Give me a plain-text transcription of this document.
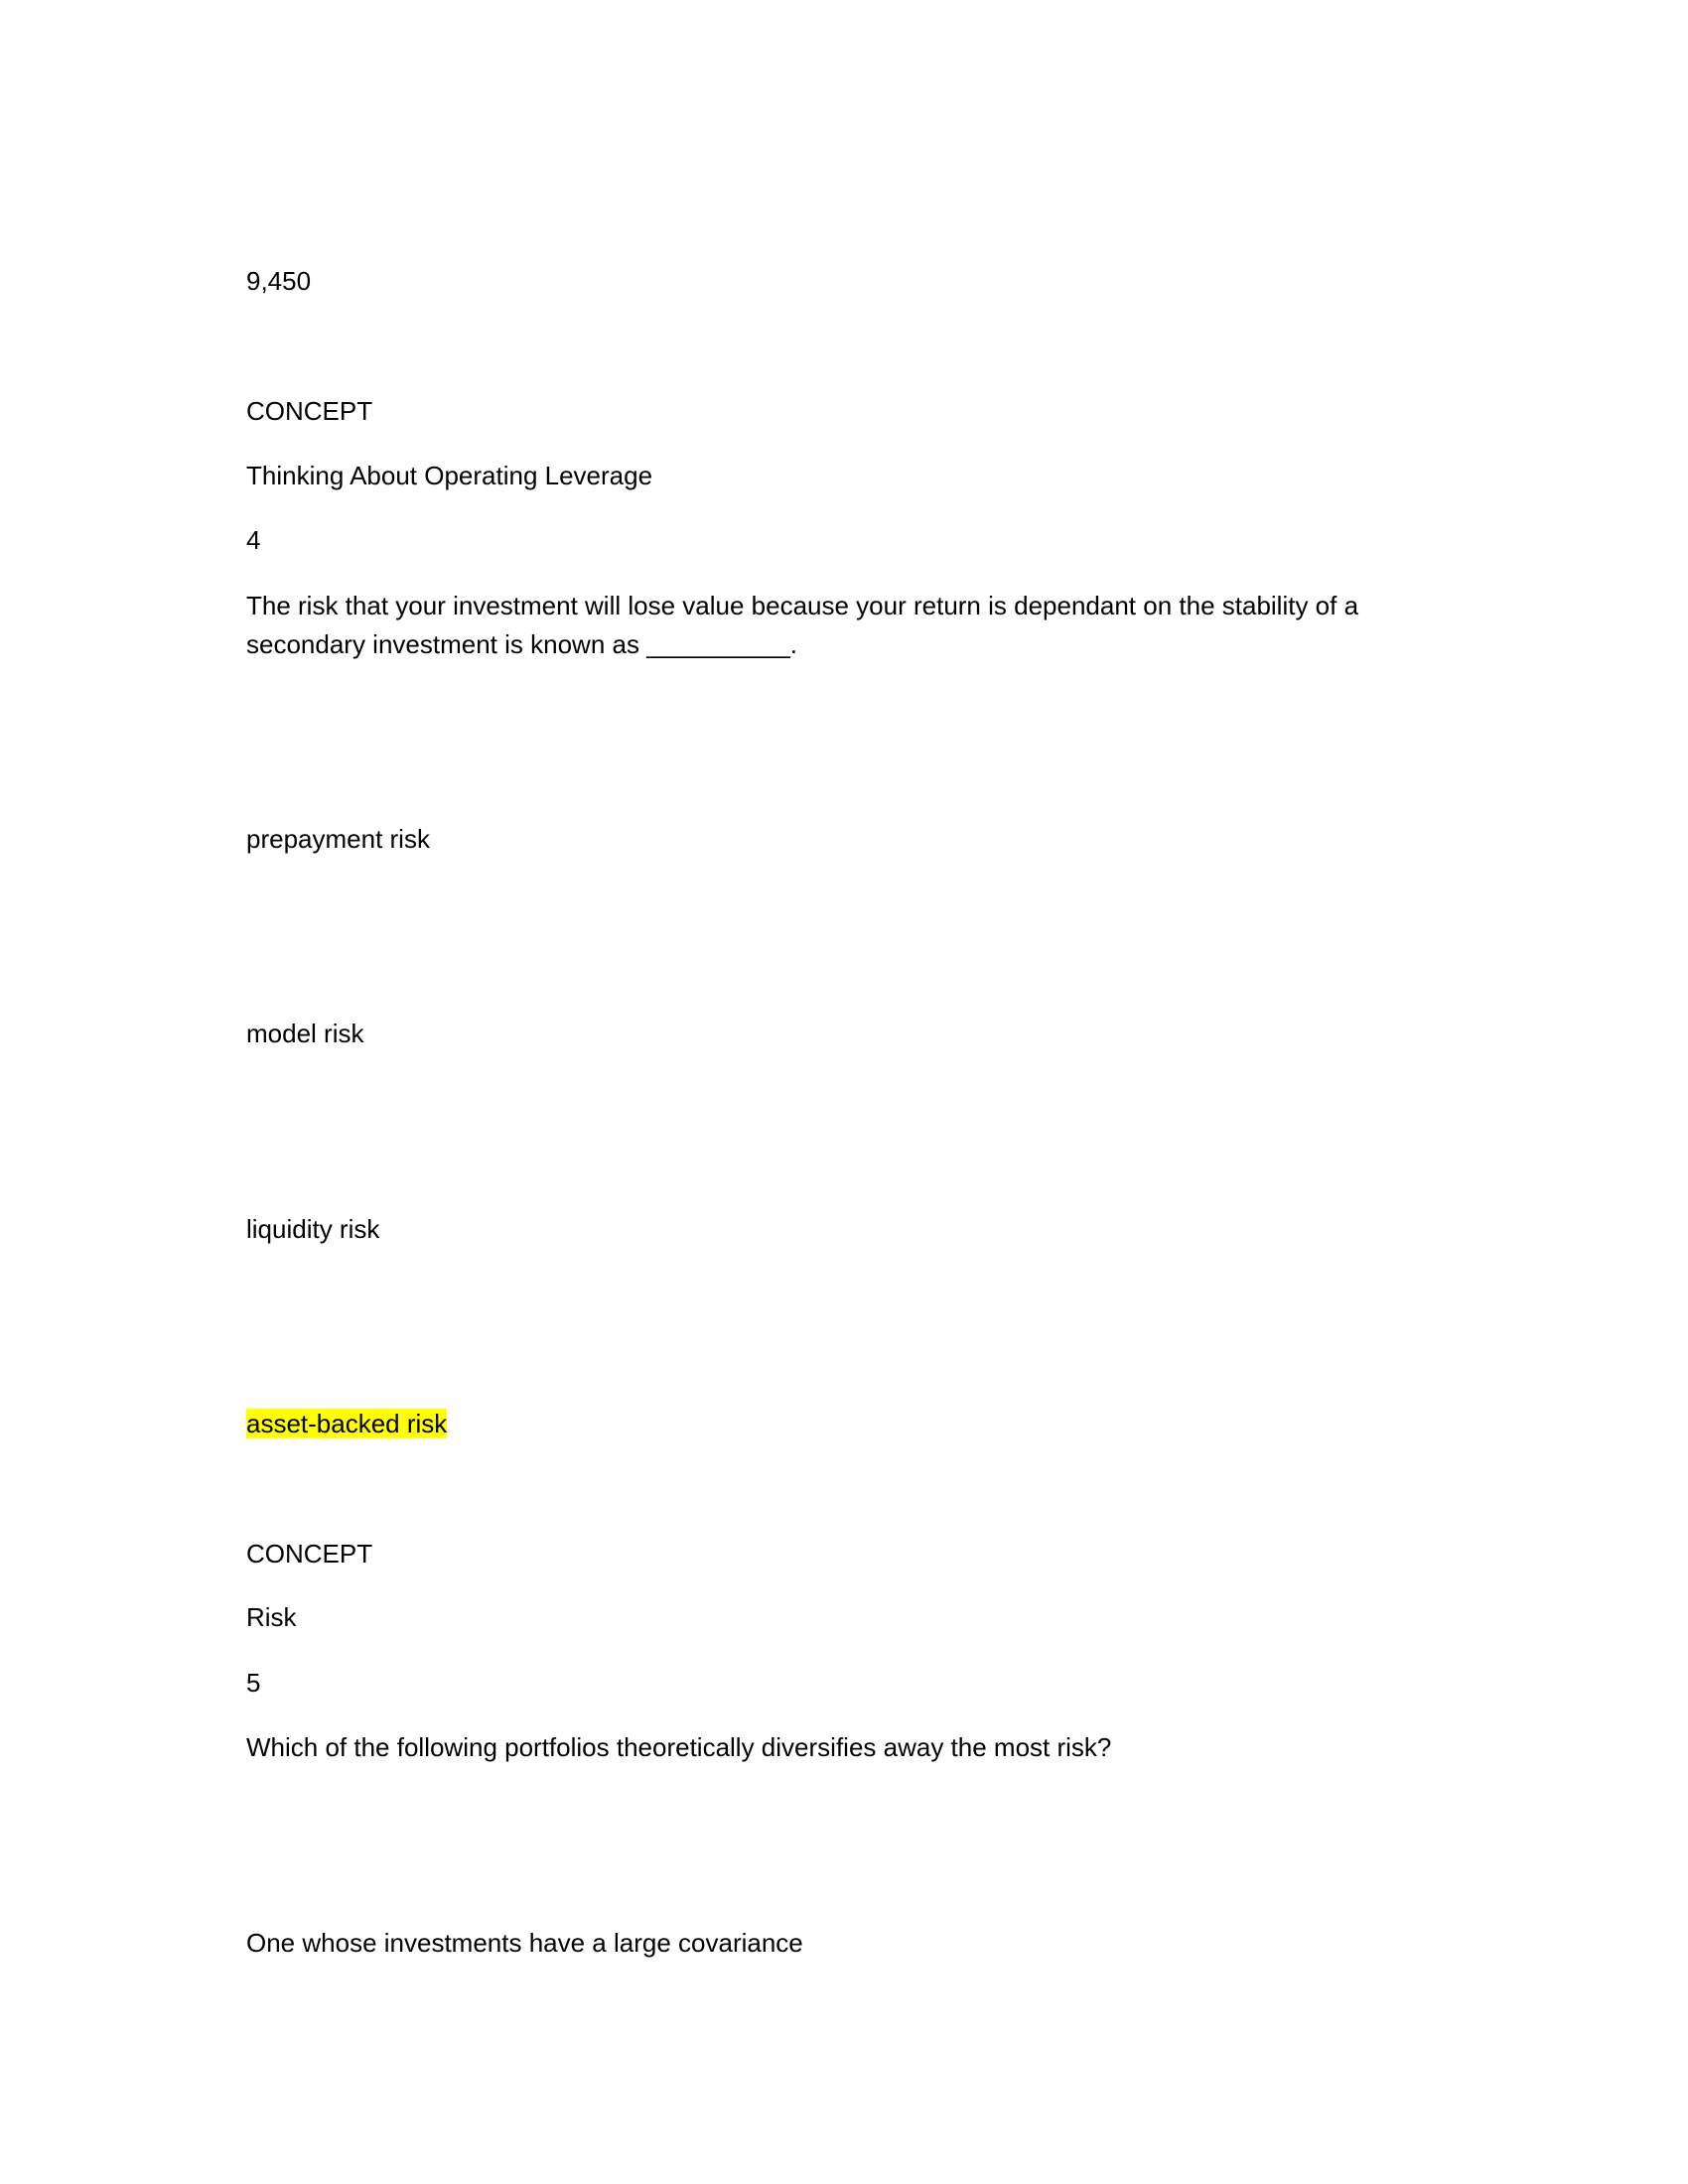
9,450
CONCEPT
Thinking About Operating Leverage
4
The risk that your investment will lose value because your return is dependant on the stability of a secondary investment is known as __________.
prepayment risk
model risk
liquidity risk
asset-backed risk
CONCEPT
Risk
5
Which of the following portfolios theoretically diversifies away the most risk?
One whose investments have a large covariance
